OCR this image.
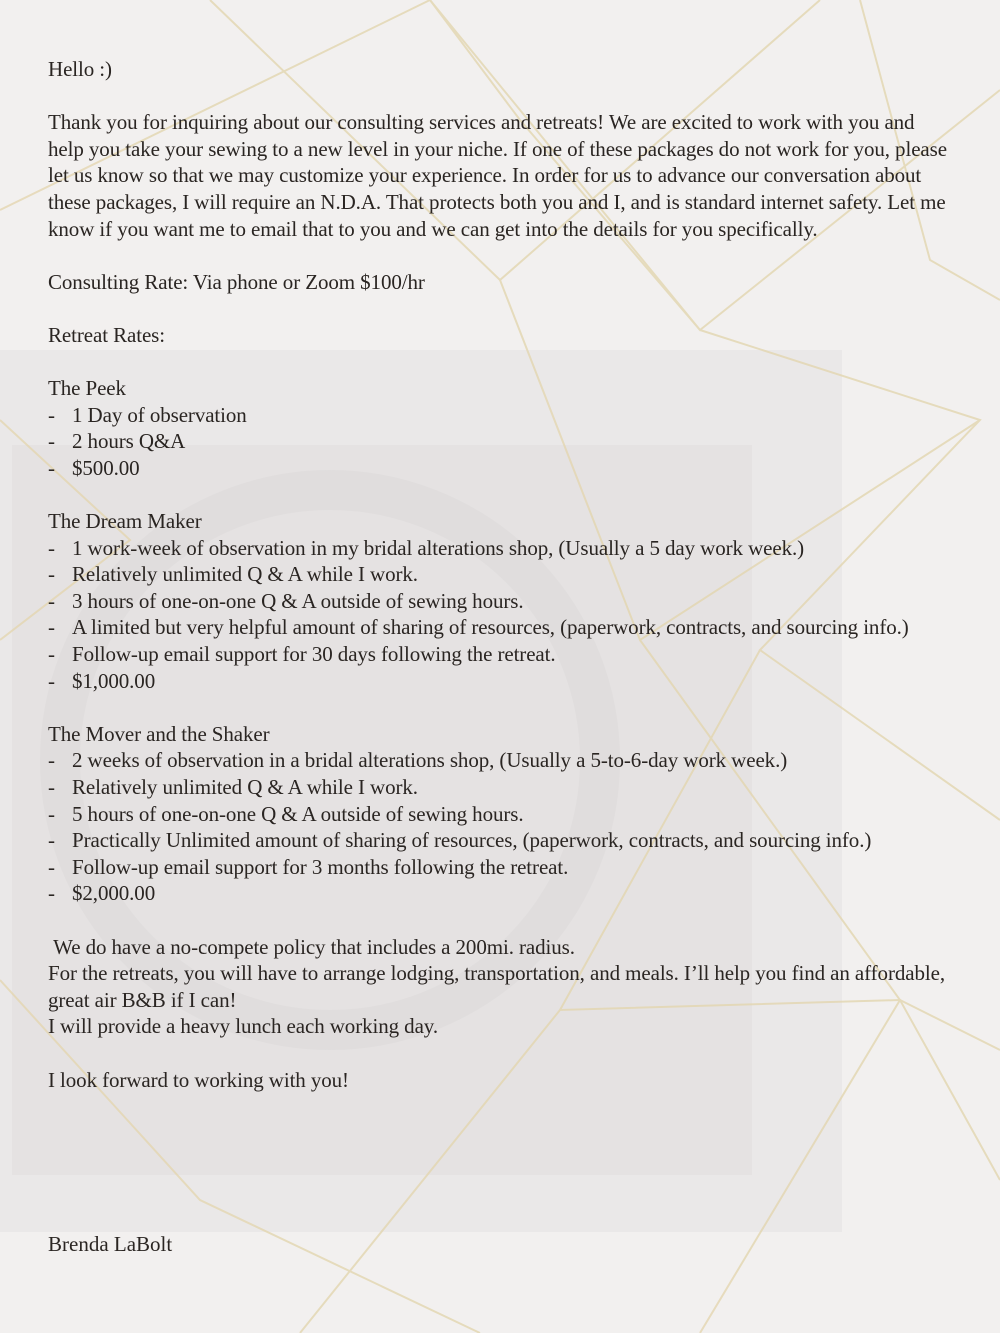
Hello :)

Thank you for inquiring about our consulting services and retreats! We are excited to work with you and help you take your sewing to a new level in your niche. If one of these packages do not work for you, please let us know so that we may customize your experience. In order for us to advance our conversation about these packages, I will require an N.D.A. That protects both you and I, and is standard internet safety. Let me know if you want me to email that to you and we can get into the details for you specifically.

Consulting Rate: Via phone or Zoom $100/hr

Retreat Rates:

The Peek

- 1 Day of observation
- 2 hours Q&A
- $500.00

The Dream Maker

- 1 work-week of observation in my bridal alterations shop, (Usually a 5 day work week.)
- Relatively unlimited Q & A while I work.
- 3 hours of one-on-one Q & A outside of sewing hours.
- A limited but very helpful amount of sharing of resources, (paperwork, contracts, and sourcing info.)
- Follow-up email support for 30 days following the retreat.
- $1,000.00

The Mover and the Shaker

- 2 weeks of observation in a bridal alterations shop, (Usually a 5-to-6-day work week.)
- Relatively unlimited Q & A while I work.
- 5 hours of one-on-one Q & A outside of sewing hours.
- Practically Unlimited amount of sharing of resources, (paperwork, contracts, and sourcing info.)
- Follow-up email support for 3 months following the retreat.
- $2,000.00

We do have a no-compete policy that includes a 200mi. radius.

For the retreats, you will have to arrange lodging, transportation, and meals. I’ll help you find an affordable, great air B&B if I can!

I will provide a heavy lunch each working day.

I look forward to working with you!

Brenda LaBolt
